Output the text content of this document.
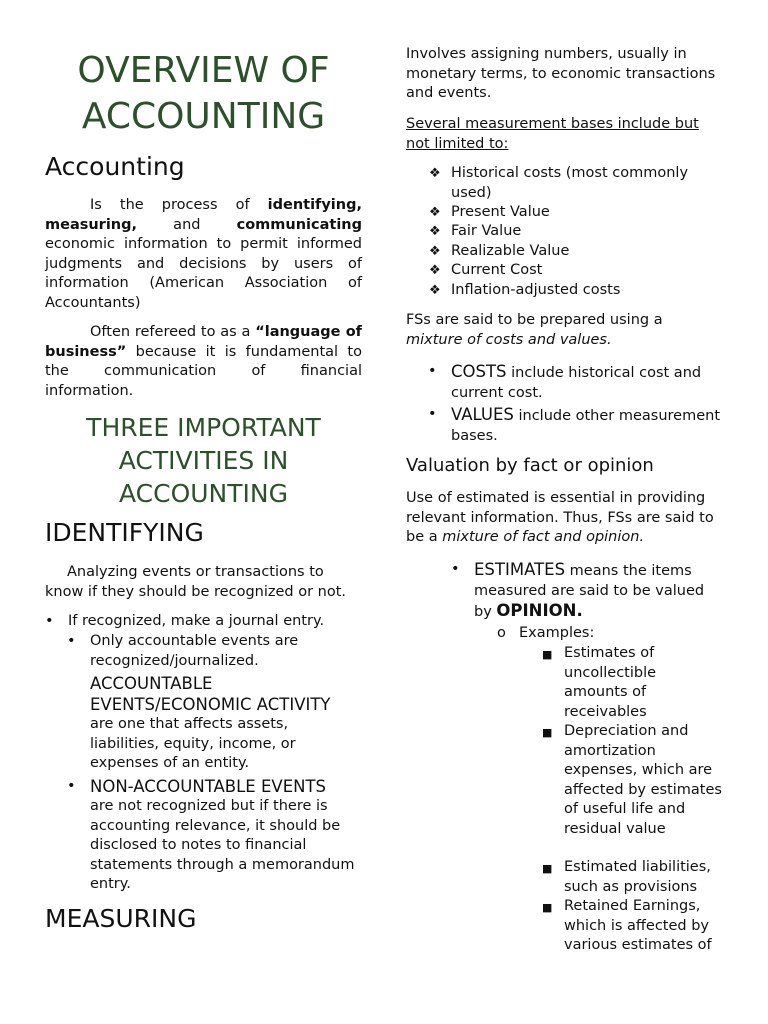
OVERVIEW OF ACCOUNTING
Accounting

Is the process of identifying, measuring, and communicating economic information to permit informed judgments and decisions by users of information (American Association of Accountants)

Often refereed to as a “language of business” because it is fundamental to the communication of financial information.

THREE IMPORTANT ACTIVITIES IN ACCOUNTING
IDENTIFYING

Analyzing events or transactions to know if they should be recognized or not.

• If recognized, make a journal entry.
• Only accountable events are recognized/journalized.
ACCOUNTABLE EVENTS/ECONOMIC ACTIVITY
are one that affects assets, liabilities, equity, income, or expenses of an entity.
• NON-ACCOUNTABLE EVENTS
are not recognized but if there is accounting relevance, it should be disclosed to notes to financial statements through a memorandum entry.
MEASURING

Involves assigning numbers, usually in monetary terms, to economic transactions and events.

Several measurement bases include but not limited to:

❖ Historical costs (most commonly used)
❖ Present Value
❖ Fair Value
❖ Realizable Value
❖ Current Cost
❖ Inflation-adjusted costs

FSs are said to be prepared using a mixture of costs and values.

• COSTS include historical cost and current cost.
• VALUES include other measurement bases.
Valuation by fact or opinion

Use of estimated is essential in providing relevant information. Thus, FSs are said to be a mixture of fact and opinion.

• ESTIMATES means the items measured are said to be valued by OPINION.
o Examples:
■ Estimates of uncollectible amounts of receivables
■ Depreciation and amortization expenses, which are affected by estimates of useful life and residual value
■ Estimated liabilities, such as provisions
■ Retained Earnings, which is affected by various estimates of
